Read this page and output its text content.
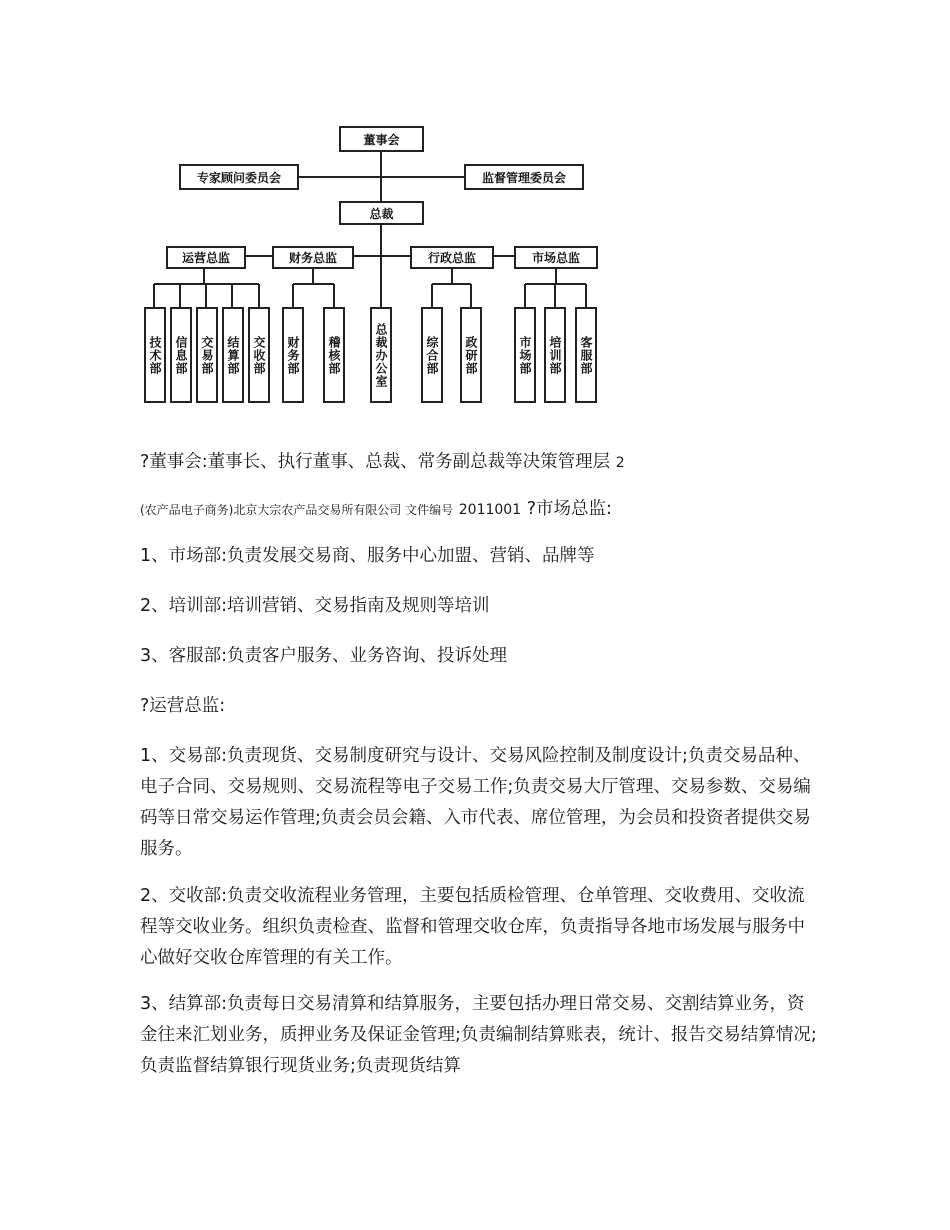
董事会
专家顾问委员会	监督管理委员会
总裁
运营总监	财务总监	行政总监	市场总监
技术部 信息部 交易部 结算部 交收部 财务部 稽核部	总裁办公室	综合部 政研部	市场部 培训部 客服部

?董事会:董事长、执行董事、总裁、常务副总裁等决策管理层 2

(农产品电子商务)北京大宗农产品交易所有限公司 文件编号 2011001 ?市场总监:

1、市场部:负责发展交易商、服务中心加盟、营销、品牌等

2、培训部:培训营销、交易指南及规则等培训

3、客服部:负责客户服务、业务咨询、投诉处理

?运营总监:

1、交易部:负责现货、交易制度研究与设计、交易风险控制及制度设计;负责交易品种、电子合同、交易规则、交易流程等电子交易工作;负责交易大厅管理、交易参数、交易编码等日常交易运作管理;负责会员会籍、入市代表、席位管理，为会员和投资者提供交易服务。

2、交收部:负责交收流程业务管理，主要包括质检管理、仓单管理、交收费用、交收流程等交收业务。组织负责检查、监督和管理交收仓库，负责指导各地市场发展与服务中心做好交收仓库管理的有关工作。

3、结算部:负责每日交易清算和结算服务，主要包括办理日常交易、交割结算业务，资金往来汇划业务，质押业务及保证金管理;负责编制结算账表，统计、报告交易结算情况;负责监督结算银行现货业务;负责现货结算
